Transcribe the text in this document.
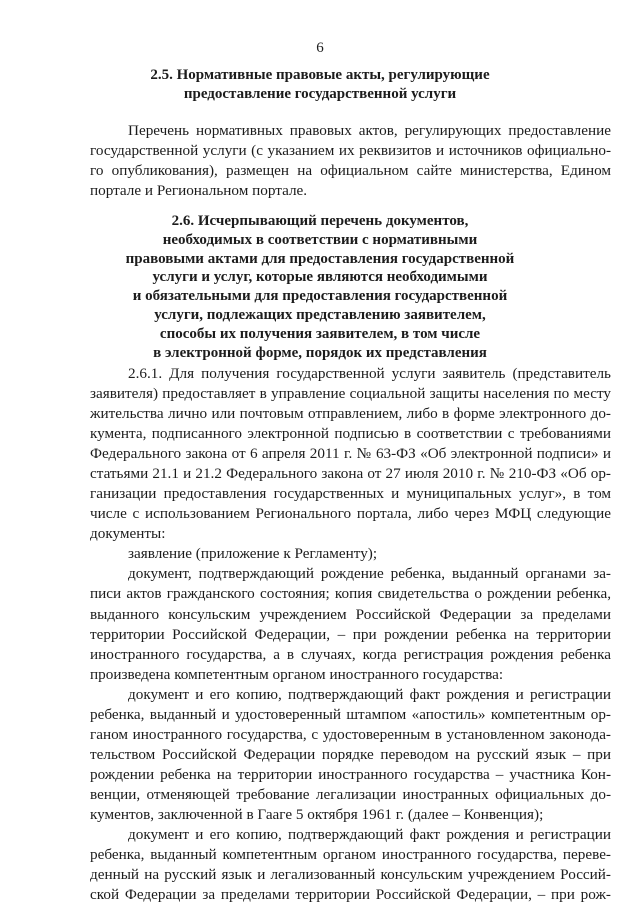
6
2.5. Нормативные правовые акты, регулирующие
предоставление государственной услуги
Перечень нормативных правовых актов, регулирующих предоставление
государственной услуги (с указанием их реквизитов и источников официально-
го опубликования), размещен на официальном сайте министерства, Едином
портале и Региональном портале.
2.6. Исчерпывающий перечень документов,
необходимых в соответствии с нормативными
правовыми актами для предоставления государственной
услуги и услуг, которые являются необходимыми
и обязательными для предоставления государственной
услуги, подлежащих представлению заявителем,
способы их получения заявителем, в том числе
в электронной форме, порядок их представления
2.6.1. Для получения государственной услуги заявитель (представитель
заявителя) предоставляет в управление социальной защиты населения по месту
жительства лично или почтовым отправлением, либо в форме электронного до-
кумента, подписанного электронной подписью в соответствии с требованиями
Федерального закона от 6 апреля 2011 г. № 63-ФЗ «Об электронной подписи» и
статьями 21.1 и 21.2 Федерального закона от 27 июля 2010 г. № 210-ФЗ «Об ор-
ганизации предоставления государственных и муниципальных услуг», в том
числе с использованием Регионального портала, либо через МФЦ следующие
документы:
заявление (приложение к Регламенту);
документ, подтверждающий рождение ребенка, выданный органами за-
писи актов гражданского состояния; копия свидетельства о рождении ребенка,
выданного консульским учреждением Российской Федерации за пределами
территории Российской Федерации, – при рождении ребенка на территории
иностранного государства, а в случаях, когда регистрация рождения ребенка
произведена компетентным органом иностранного государства:
документ и его копию, подтверждающий факт рождения и регистрации
ребенка, выданный и удостоверенный штампом «апостиль» компетентным ор-
ганом иностранного государства, с удостоверенным в установленном законода-
тельством Российской Федерации порядке переводом на русский язык – при
рождении ребенка на территории иностранного государства – участника Кон-
венции, отменяющей требование легализации иностранных официальных до-
кументов, заключенной в Гааге 5 октября 1961 г. (далее – Конвенция);
документ и его копию, подтверждающий факт рождения и регистрации
ребенка, выданный компетентным органом иностранного государства, переве-
денный на русский язык и легализованный консульским учреждением Россий-
ской Федерации за пределами территории Российской Федерации, – при рож-
